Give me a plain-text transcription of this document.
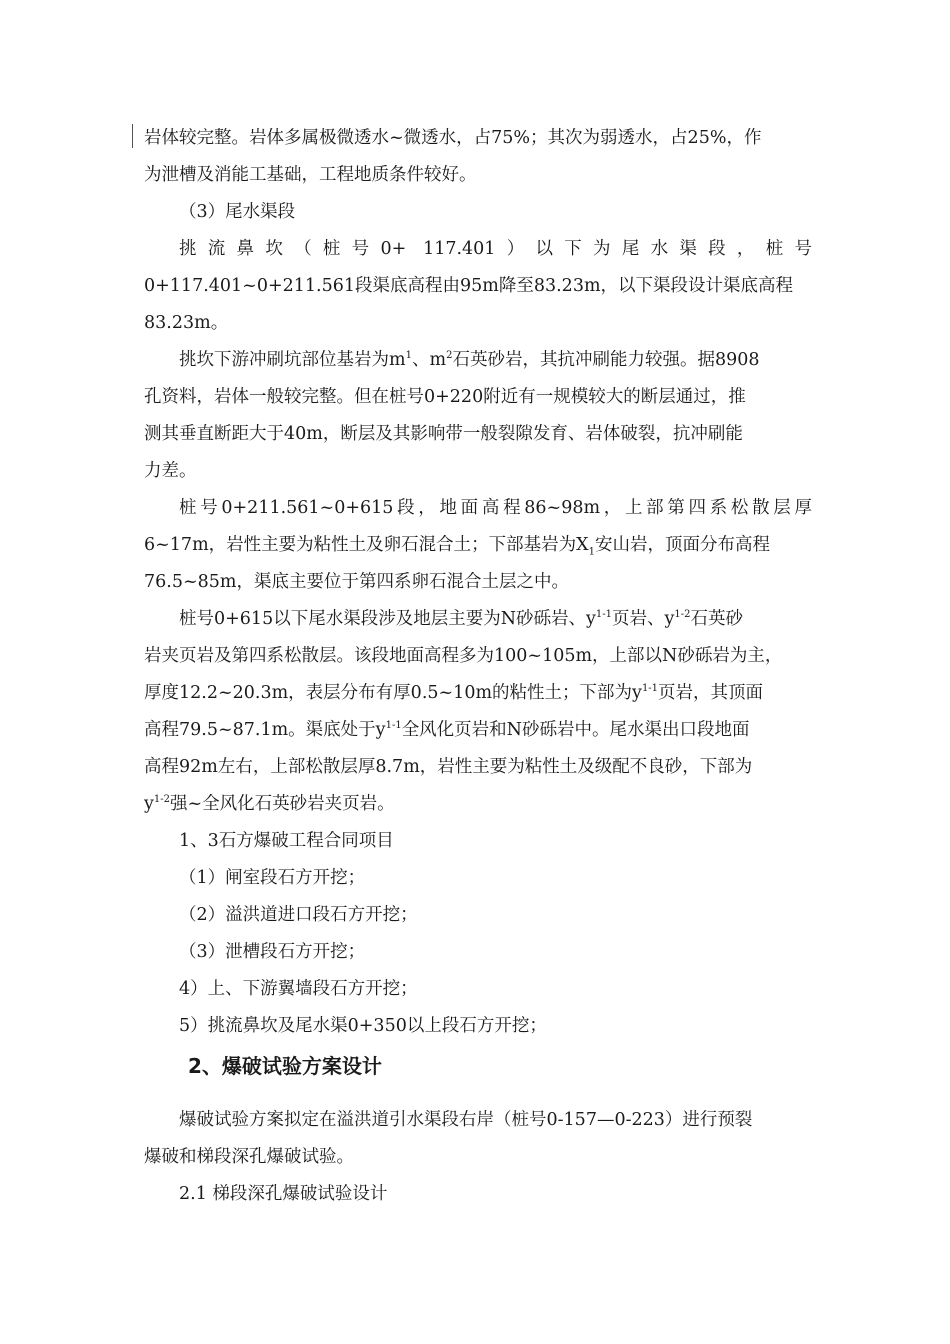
岩体较完整。岩体多属极微透水~微透水，占75%；其次为弱透水，占25%，作
为泄槽及消能工基础，工程地质条件较好。
（3）尾水渠段
挑流鼻坎（桩号0+ 117.401）以下为尾水渠段，桩号
0+117.401~0+211.561段渠底高程由95m降至83.23m，以下渠段设计渠底高程
83.23m。
挑坎下游冲刷坑部位基岩为$m^1$、$m^2$石英砂岩，其抗冲刷能力较强。据8908
孔资料，岩体一般较完整。但在桩号0+220附近有一规模较大的断层通过，推
测其垂直断距大于40m，断层及其影响带一般裂隙发育、岩体破裂，抗冲刷能
力差。
桩号0+211.561~0+615段，地面高程86~98m，上部第四系松散层厚
6~17m，岩性主要为粘性土及卵石混合土；下部基岩为$X_1$安山岩，顶面分布高程
76.5~85m，渠底主要位于第四系卵石混合土层之中。
桩号0+615以下尾水渠段涉及地层主要为N砂砾岩、$y^{1-1}$页岩、$y^{1-2}$石英砂
岩夹页岩及第四系松散层。该段地面高程多为100~105m，上部以N砂砾岩为主，
厚度12.2~20.3m，表层分布有厚0.5~10m的粘性土；下部为$y^{1-1}$页岩，其顶面
高程79.5~87.1m。渠底处于$y^{1-1}$全风化页岩和N砂砾岩中。尾水渠出口段地面
高程92m左右，上部松散层厚8.7m，岩性主要为粘性土及级配不良砂，下部为
$y^{1-2}$强~全风化石英砂岩夹页岩。
1、3石方爆破工程合同项目
（1）闸室段石方开挖；
（2）溢洪道进口段石方开挖；
（3）泄槽段石方开挖；
4）上、下游翼墙段石方开挖；
5）挑流鼻坎及尾水渠0+350以上段石方开挖；
2、爆破试验方案设计
爆破试验方案拟定在溢洪道引水渠段右岸（桩号0-157—0-223）进行预裂
爆破和梯段深孔爆破试验。
2.1 梯段深孔爆破试验设计
